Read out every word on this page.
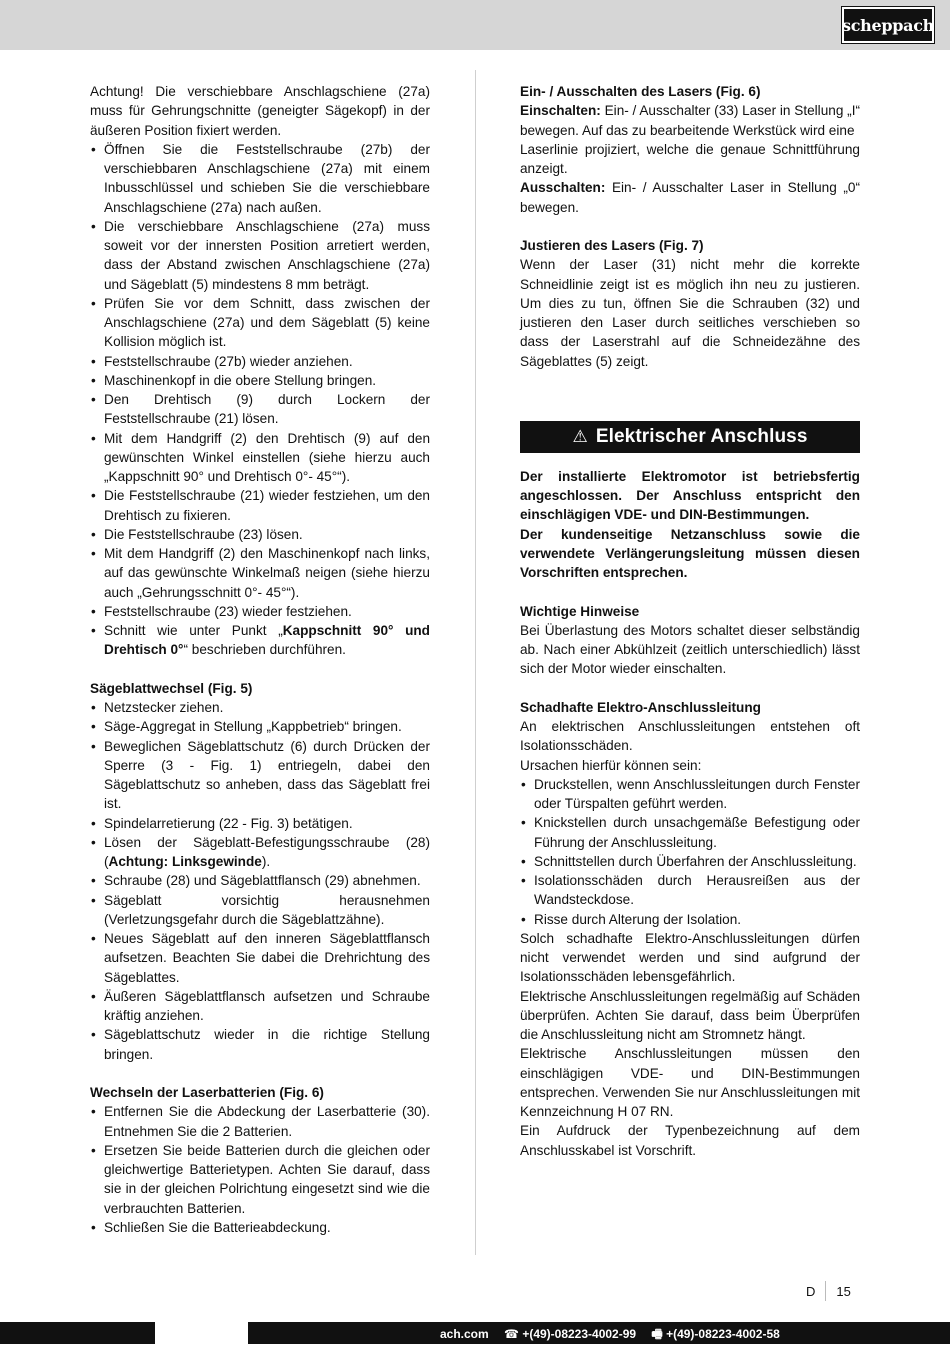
scheppach

Achtung! Die verschiebbare Anschlagschiene (27a) muss für Gehrungschnitte (geneigter Sägekopf) in der äußeren Position fixiert werden.

• Öffnen Sie die Feststellschraube (27b) der verschiebbaren Anschlagschiene (27a) mit einem Inbusschlüssel und schieben Sie die verschiebbare Anschlagschiene (27a) nach außen.
• Die verschiebbare Anschlagschiene (27a) muss soweit vor der innersten Position arretiert werden, dass der Abstand zwischen Anschlagschiene (27a) und Sägeblatt (5) mindestens 8 mm beträgt.
• Prüfen Sie vor dem Schnitt, dass zwischen der Anschlagschiene (27a) und dem Sägeblatt (5) keine Kollision möglich ist.
• Feststellschraube (27b) wieder anziehen.
• Maschinenkopf in die obere Stellung bringen.
• Den Drehtisch (9) durch Lockern der Feststellschraube (21) lösen.
• Mit dem Handgriff (2) den Drehtisch (9) auf den gewünschten Winkel einstellen (siehe hierzu auch „Kappschnitt 90° und Drehtisch 0°- 45°“).
• Die Feststellschraube (21) wieder festziehen, um den Drehtisch zu fixieren.
• Die Feststellschraube (23) lösen.
• Mit dem Handgriff (2) den Maschinenkopf nach links, auf das gewünschte Winkelmaß neigen (siehe hierzu auch „Gehrungsschnitt 0°- 45°“).
• Feststellschraube (23) wieder festziehen.
• Schnitt wie unter Punkt „Kappschnitt 90° und Drehtisch 0°“ beschrieben durchführen.

Sägeblattwechsel (Fig. 5)

• Netzstecker ziehen.
• Säge-Aggregat in Stellung „Kappbetrieb“ bringen.
• Beweglichen Sägeblattschutz (6) durch Drücken der Sperre (3 - Fig. 1) entriegeln, dabei den Sägeblattschutz so anheben, dass das Sägeblatt frei ist.
• Spindelarretierung (22 - Fig. 3) betätigen.
• Lösen der Sägeblatt-Befestigungsschraube (28) (Achtung: Linksgewinde).
• Schraube (28) und Sägeblattflansch (29) abnehmen.
• Sägeblatt vorsichtig herausnehmen (Verletzungsgefahr durch die Sägeblattzähne).
• Neues Sägeblatt auf den inneren Sägeblattflansch aufsetzen. Beachten Sie dabei die Drehrichtung des Sägeblattes.
• Äußeren Sägeblattflansch aufsetzen und Schraube kräftig anziehen.
• Sägeblattschutz wieder in die richtige Stellung bringen.

Wechseln der Laserbatterien (Fig. 6)

• Entfernen Sie die Abdeckung der Laserbatterie (30). Entnehmen Sie die 2 Batterien.
• Ersetzen Sie beide Batterien durch die gleichen oder gleichwertige Batterietypen. Achten Sie darauf, dass sie in der gleichen Polrichtung eingesetzt sind wie die verbrauchten Batterien.
• Schließen Sie die Batterieabdeckung.

Ein- / Ausschalten des Lasers (Fig. 6)

Einschalten: Ein- / Ausschalter (33) Laser in Stellung „I“ bewegen. Auf das zu bearbeitende Werkstück wird eine

Laserlinie projiziert, welche die genaue Schnittführung anzeigt.

Ausschalten: Ein- / Ausschalter Laser in Stellung „0“ bewegen.

Justieren des Lasers (Fig. 7)

Wenn der Laser (31) nicht mehr die korrekte Schneidlinie zeigt ist es möglich ihn neu zu justieren. Um dies zu tun, öffnen Sie die Schrauben (32) und justieren den Laser durch seitliches verschieben so dass der Laserstrahl auf die Schneidezähne des Sägeblattes (5) zeigt.

⚠ Elektrischer Anschluss

Der installierte Elektromotor ist betriebsfertig angeschlossen. Der Anschluss entspricht den einschlägigen VDE- und DIN-Bestimmungen.

Der kundenseitige Netzanschluss sowie die verwendete Verlängerungsleitung müssen diesen Vorschriften entsprechen.

Wichtige Hinweise

Bei Überlastung des Motors schaltet dieser selbständig ab. Nach einer Abkühlzeit (zeitlich unterschiedlich) lässt sich der Motor wieder einschalten.

Schadhafte Elektro-Anschlussleitung

An elektrischen Anschlussleitungen entstehen oft Isolationsschäden.

Ursachen hierfür können sein:

• Druckstellen, wenn Anschlussleitungen durch Fenster oder Türspalten geführt werden.
• Knickstellen durch unsachgemäße Befestigung oder Führung der Anschlussleitung.
• Schnittstellen durch Überfahren der Anschlussleitung.
• Isolationsschäden durch Herausreißen aus der Wandsteckdose.
• Risse durch Alterung der Isolation.

Solch schadhafte Elektro-Anschlussleitungen dürfen nicht verwendet werden und sind aufgrund der Isolationsschäden lebensgefährlich.

Elektrische Anschlussleitungen regelmäßig auf Schäden überprüfen. Achten Sie darauf, dass beim Überprüfen die Anschlussleitung nicht am Stromnetz hängt.

Elektrische Anschlussleitungen müssen den einschlägigen VDE- und DIN-Bestimmungen entsprechen. Verwenden Sie nur Anschlussleitungen mit Kennzeichnung H 07 RN.

Ein Aufdruck der Typenbezeichnung auf dem Anschlusskabel ist Vorschrift.

D 15
ach.com ☎ +(49)-08223-4002-99 🖷 +(49)-08223-4002-58
